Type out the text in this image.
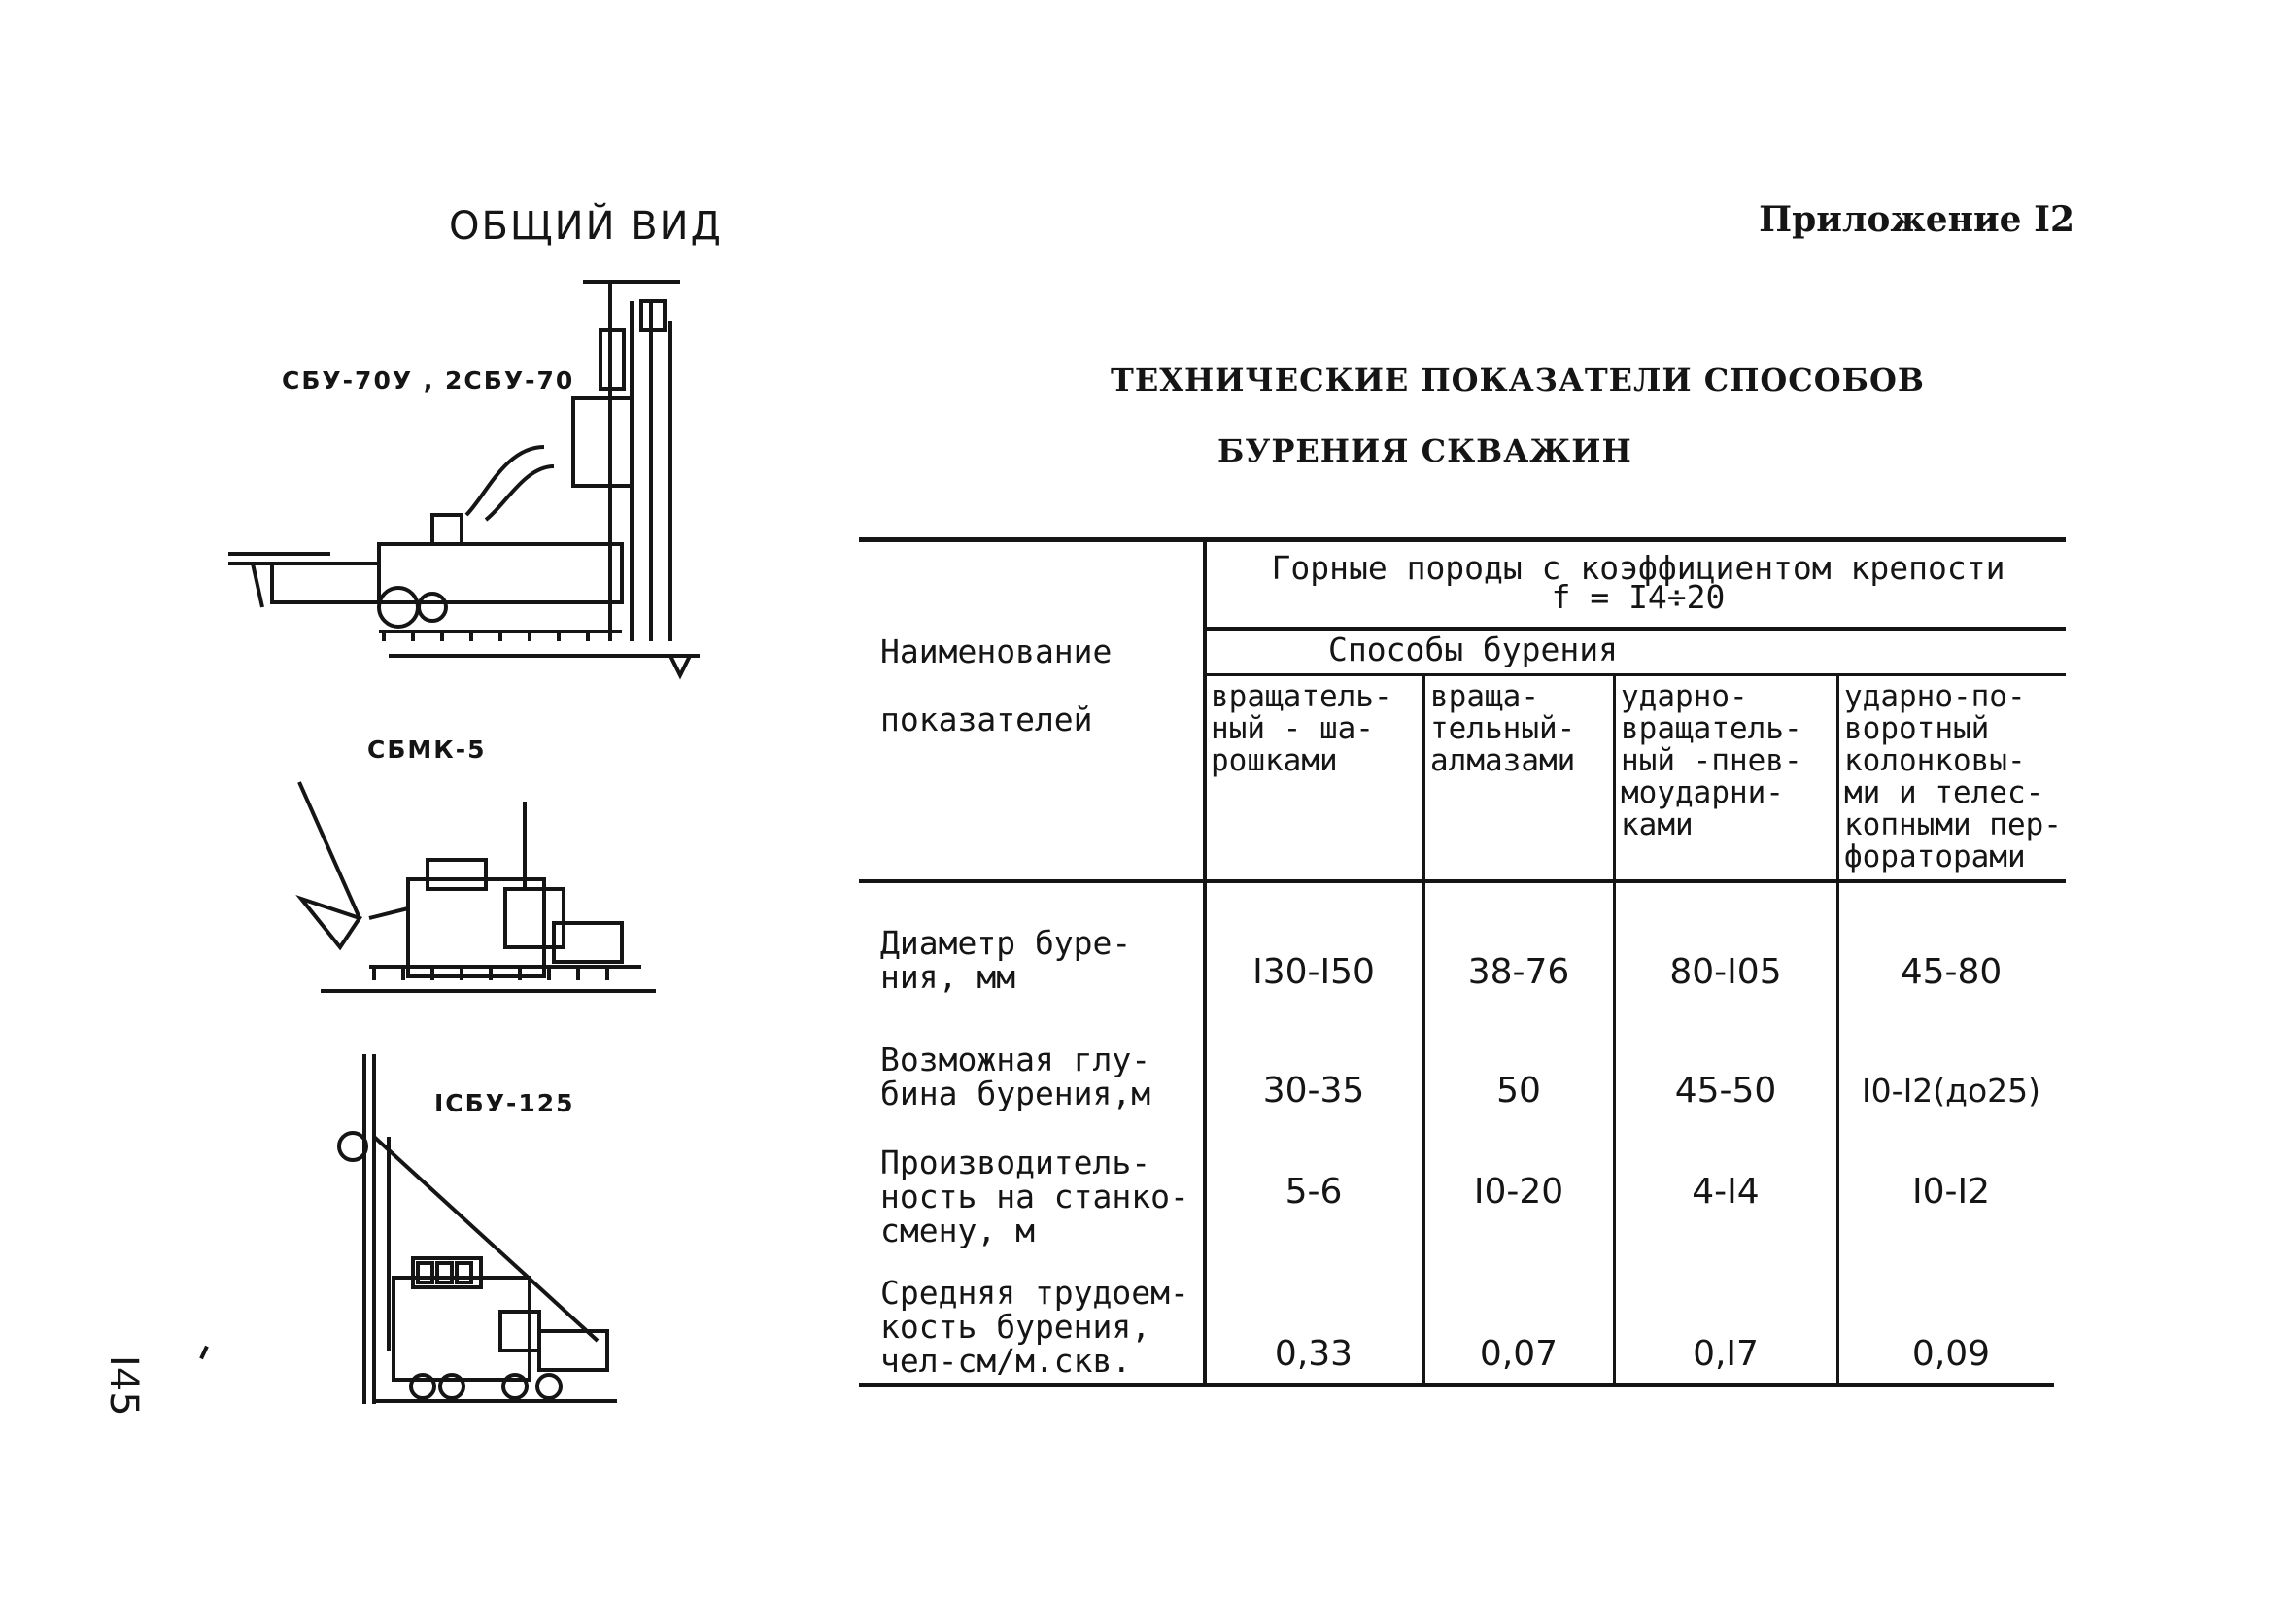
ОБЩИЙ ВИД
СБУ-70У , 2СБУ-70
СБМК-5
IСБУ-125
I45
Приложение I2
ТЕХНИЧЕСКИЕ ПОКАЗАТЕЛИ СПОСОБОВ
БУРЕНИЯ СКВАЖИН
Наименование

показателей
Горные породы с коэффициентом крепости
f = I4÷20
Способы бурения
вращатель-
ный - ша-
рошками
враща-
тельный-
алмазами
ударно-
вращатель-
ный -пнев-
моударни-
ками
ударно-по-
воротный
колонковы-
ми и телес-
копными пер-
фораторами
Диаметр буре-
ния, мм	I30-I50	38-76	80-I05	45-80
Возможная глу-
бина бурения,м	30-35	50	45-50	I0-I2(до25)
Производитель-
ность на станко-
смену, м
5-6	I0-20	4-I4	I0-I2
Средняя трудоем-
кость бурения,
чел-см/м.скв.	0,33	0,07	0,I7	0,09
